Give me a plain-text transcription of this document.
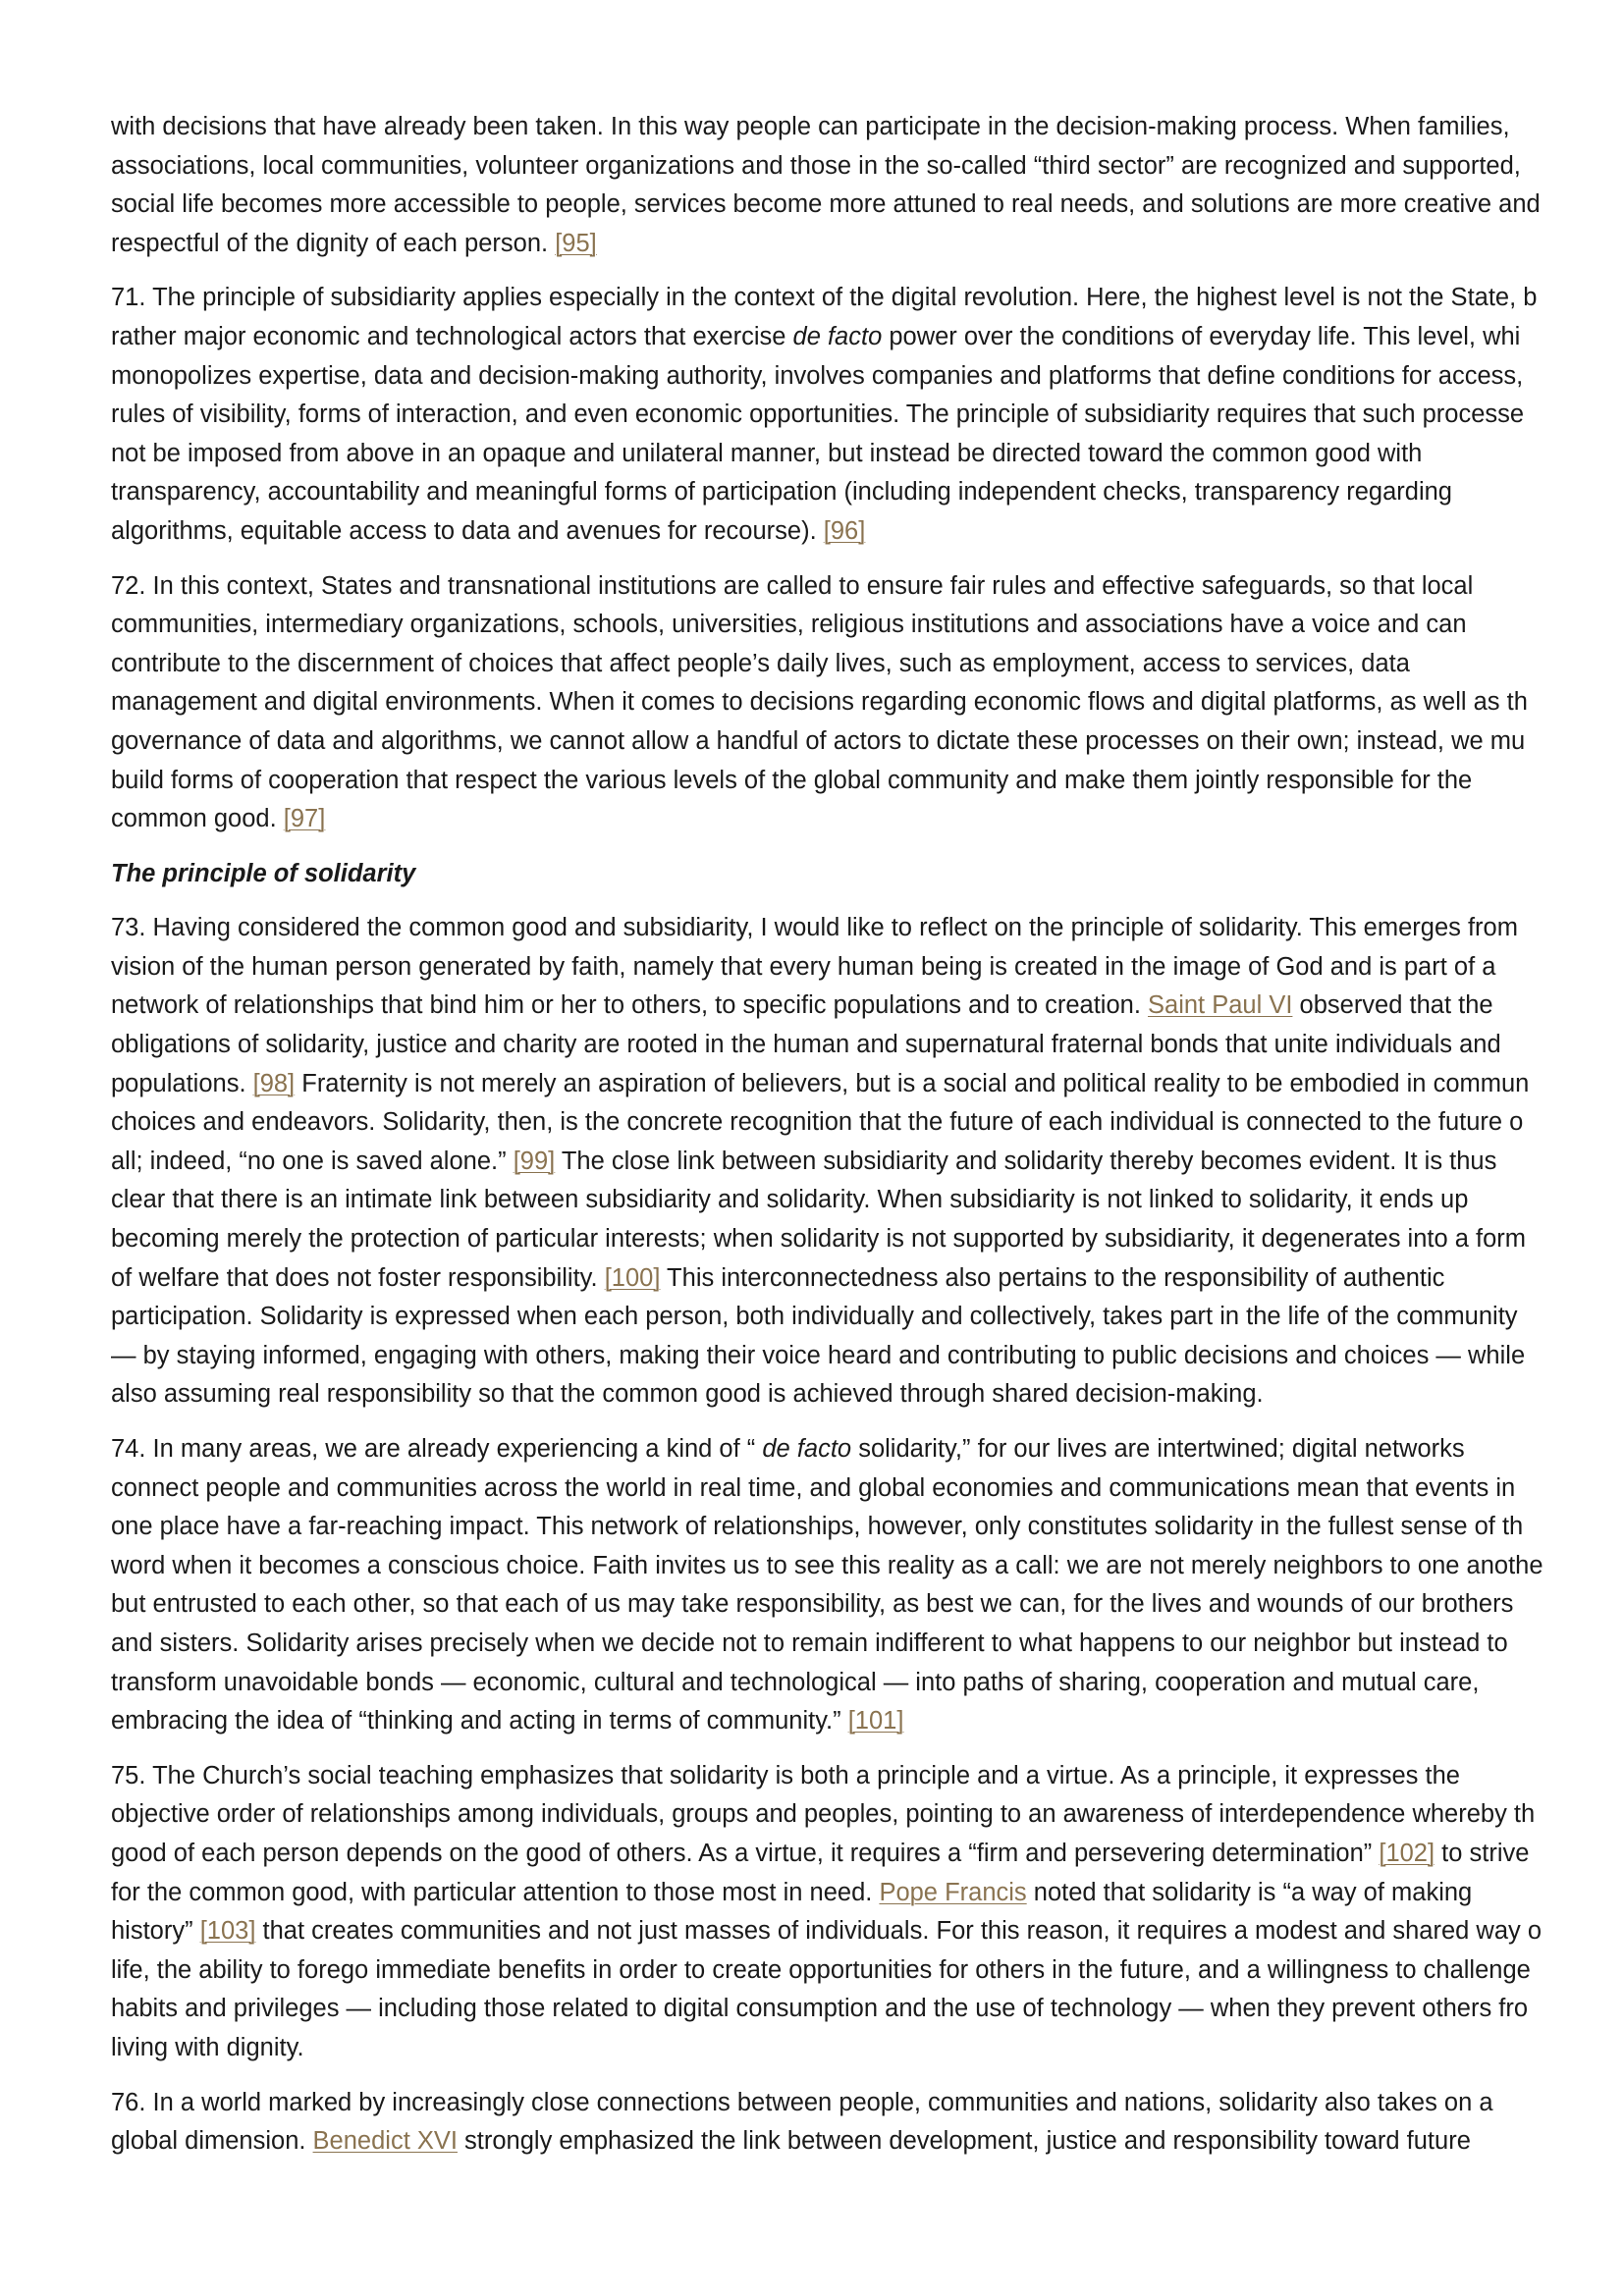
with decisions that have already been taken. In this way people can participate in the decision-making process. When families,
associations, local communities, volunteer organizations and those in the so-called “third sector” are recognized and supported,
social life becomes more accessible to people, services become more attuned to real needs, and solutions are more creative and
respectful of the dignity of each person. [95]
71. The principle of subsidiarity applies especially in the context of the digital revolution. Here, the highest level is not the State, b
rather major economic and technological actors that exercise de facto power over the conditions of everyday life. This level, whi
monopolizes expertise, data and decision-making authority, involves companies and platforms that define conditions for access,
rules of visibility, forms of interaction, and even economic opportunities. The principle of subsidiarity requires that such processe
not be imposed from above in an opaque and unilateral manner, but instead be directed toward the common good with
transparency, accountability and meaningful forms of participation (including independent checks, transparency regarding
algorithms, equitable access to data and avenues for recourse). [96]
72. In this context, States and transnational institutions are called to ensure fair rules and effective safeguards, so that local
communities, intermediary organizations, schools, universities, religious institutions and associations have a voice and can
contribute to the discernment of choices that affect people’s daily lives, such as employment, access to services, data
management and digital environments. When it comes to decisions regarding economic flows and digital platforms, as well as th
governance of data and algorithms, we cannot allow a handful of actors to dictate these processes on their own; instead, we mu
build forms of cooperation that respect the various levels of the global community and make them jointly responsible for the
common good. [97]
The principle of solidarity
73. Having considered the common good and subsidiarity, I would like to reflect on the principle of solidarity. This emerges from
vision of the human person generated by faith, namely that every human being is created in the image of God and is part of a
network of relationships that bind him or her to others, to specific populations and to creation. Saint Paul VI observed that the
obligations of solidarity, justice and charity are rooted in the human and supernatural fraternal bonds that unite individuals and
populations. [98] Fraternity is not merely an aspiration of believers, but is a social and political reality to be embodied in commun
choices and endeavors. Solidarity, then, is the concrete recognition that the future of each individual is connected to the future o
all; indeed, “no one is saved alone.” [99] The close link between subsidiarity and solidarity thereby becomes evident. It is thus
clear that there is an intimate link between subsidiarity and solidarity. When subsidiarity is not linked to solidarity, it ends up
becoming merely the protection of particular interests; when solidarity is not supported by subsidiarity, it degenerates into a form
of welfare that does not foster responsibility. [100] This interconnectedness also pertains to the responsibility of authentic
participation. Solidarity is expressed when each person, both individually and collectively, takes part in the life of the community
— by staying informed, engaging with others, making their voice heard and contributing to public decisions and choices — while
also assuming real responsibility so that the common good is achieved through shared decision-making.
74. In many areas, we are already experiencing a kind of “ de facto solidarity,” for our lives are intertwined; digital networks
connect people and communities across the world in real time, and global economies and communications mean that events in
one place have a far-reaching impact. This network of relationships, however, only constitutes solidarity in the fullest sense of th
word when it becomes a conscious choice. Faith invites us to see this reality as a call: we are not merely neighbors to one anothe
but entrusted to each other, so that each of us may take responsibility, as best we can, for the lives and wounds of our brothers
and sisters. Solidarity arises precisely when we decide not to remain indifferent to what happens to our neighbor but instead to
transform unavoidable bonds — economic, cultural and technological — into paths of sharing, cooperation and mutual care,
embracing the idea of “thinking and acting in terms of community.” [101]
75. The Church’s social teaching emphasizes that solidarity is both a principle and a virtue. As a principle, it expresses the
objective order of relationships among individuals, groups and peoples, pointing to an awareness of interdependence whereby th
good of each person depends on the good of others. As a virtue, it requires a “firm and persevering determination” [102] to strive
for the common good, with particular attention to those most in need. Pope Francis noted that solidarity is “a way of making
history” [103] that creates communities and not just masses of individuals. For this reason, it requires a modest and shared way o
life, the ability to forego immediate benefits in order to create opportunities for others in the future, and a willingness to challenge
habits and privileges — including those related to digital consumption and the use of technology — when they prevent others fro
living with dignity.
76. In a world marked by increasingly close connections between people, communities and nations, solidarity also takes on a
global dimension. Benedict XVI strongly emphasized the link between development, justice and responsibility toward future
